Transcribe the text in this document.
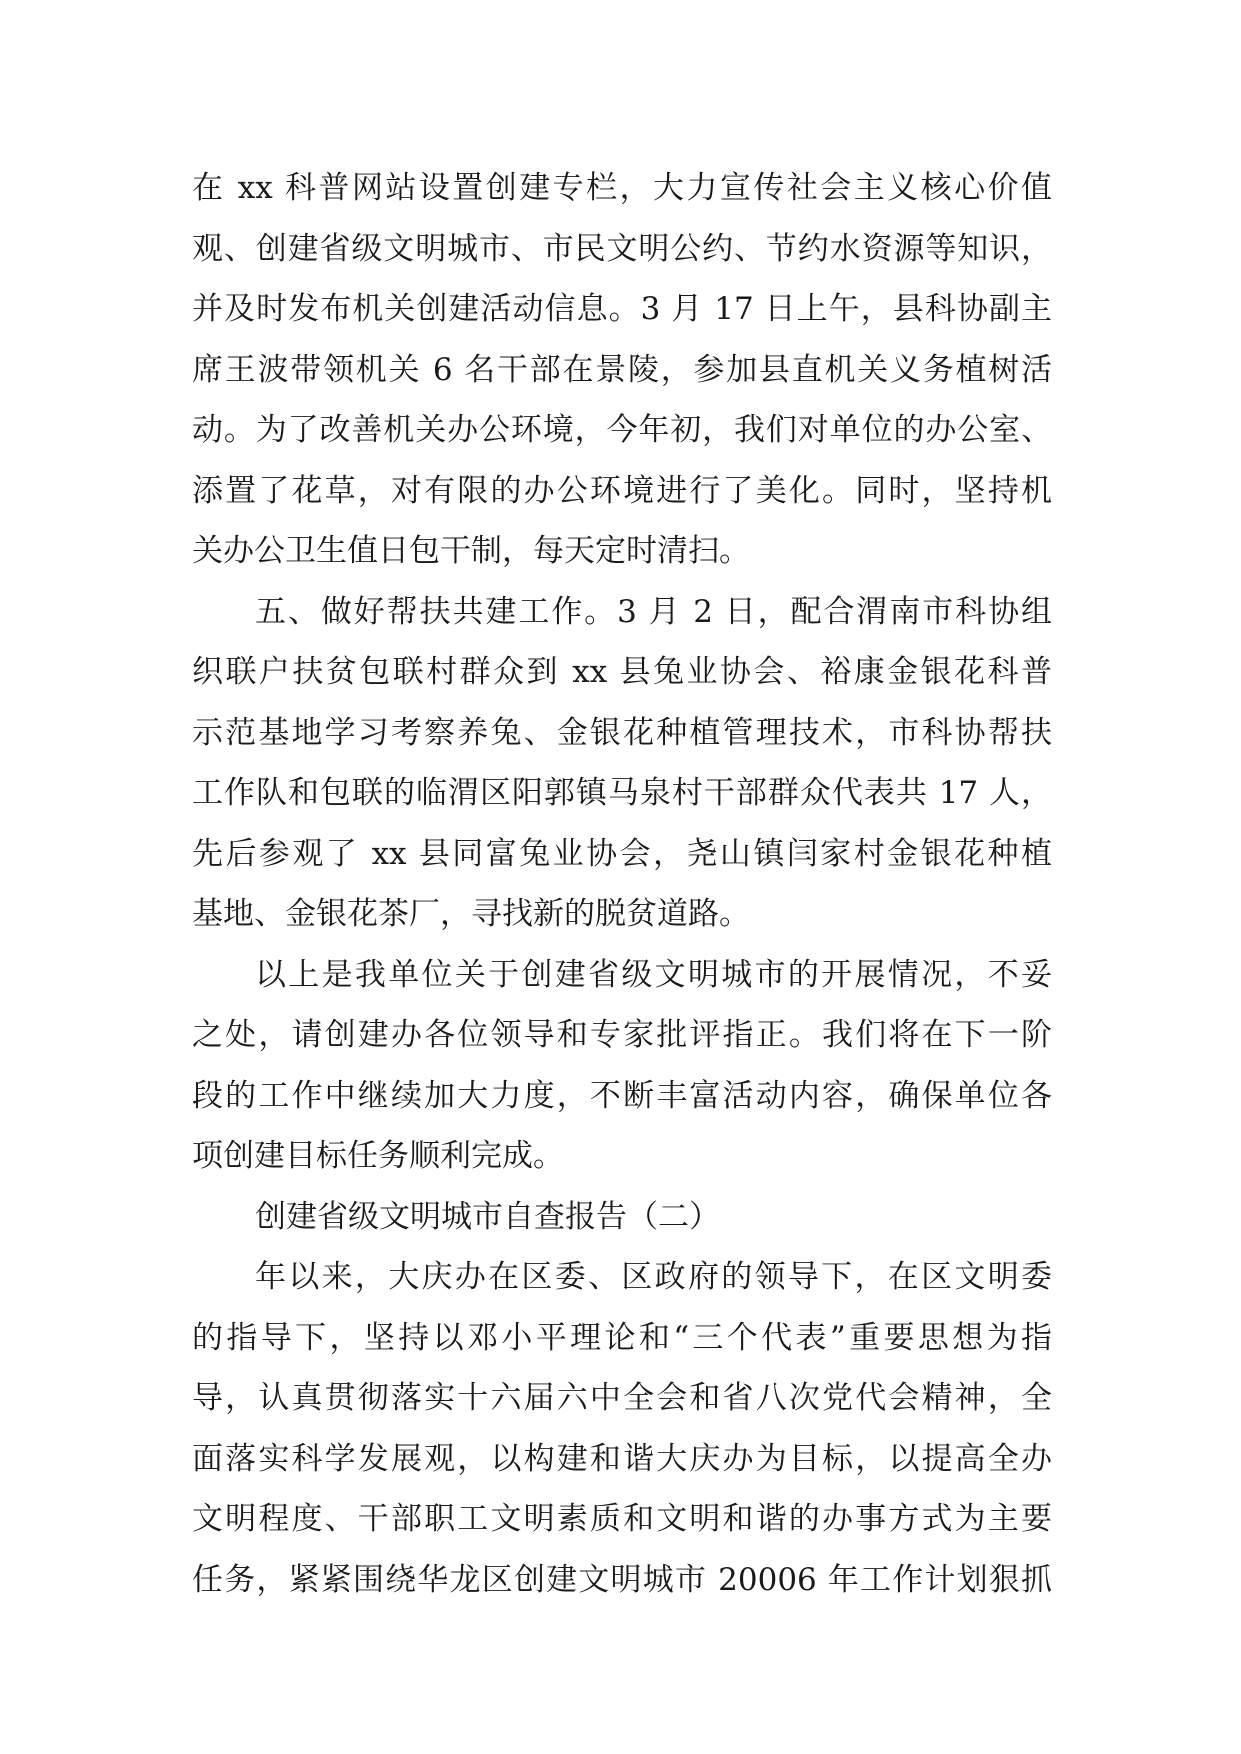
在 xx 科普网站设置创建专栏，大力宣传社会主义核心价值
观、创建省级文明城市、市民文明公约、节约水资源等知识，
并及时发布机关创建活动信息。3 月 17 日上午，县科协副主
席王波带领机关 6 名干部在景陵，参加县直机关义务植树活
动。为了改善机关办公环境，今年初，我们对单位的办公室、
添置了花草，对有限的办公环境进行了美化。同时，坚持机
关办公卫生值日包干制，每天定时清扫。
五、做好帮扶共建工作。3 月 2 日，配合渭南市科协组
织联户扶贫包联村群众到 xx 县兔业协会、裕康金银花科普
示范基地学习考察养兔、金银花种植管理技术，市科协帮扶
工作队和包联的临渭区阳郭镇马泉村干部群众代表共 17 人，
先后参观了 xx 县同富兔业协会，尧山镇闫家村金银花种植
基地、金银花茶厂，寻找新的脱贫道路。
以上是我单位关于创建省级文明城市的开展情况，不妥
之处，请创建办各位领导和专家批评指正。我们将在下一阶
段的工作中继续加大力度，不断丰富活动内容，确保单位各
项创建目标任务顺利完成。
创建省级文明城市自查报告（二）
年以来，大庆办在区委、区政府的领导下，在区文明委
的指导下，坚持以邓小平理论和“三个代表”重要思想为指
导，认真贯彻落实十六届六中全会和省八次党代会精神，全
面落实科学发展观，以构建和谐大庆办为目标，以提高全办
文明程度、干部职工文明素质和文明和谐的办事方式为主要
任务，紧紧围绕华龙区创建文明城市 20006 年工作计划狠抓
